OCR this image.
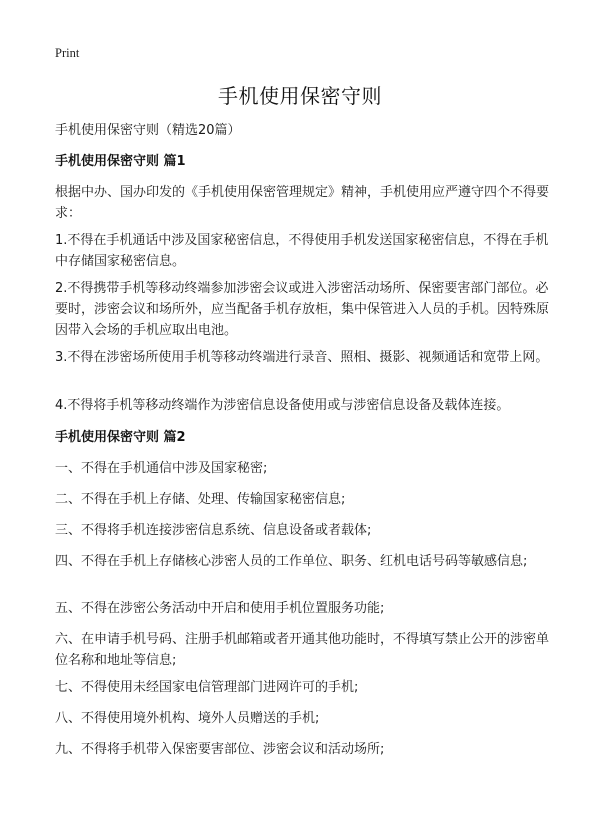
Print
手机使用保密守则

手机使用保密守则（精选20篇）

手机使用保密守则 篇1

根据中办、国办印发的《手机使用保密管理规定》精神，手机使用应严遵守四个不得要求：

1.不得在手机通话中涉及国家秘密信息，不得使用手机发送国家秘密信息，不得在手机中存储国家秘密信息。

2.不得携带手机等移动终端参加涉密会议或进入涉密活动场所、保密要害部门部位。必要时，涉密会议和场所外，应当配备手机存放柜，集中保管进入人员的手机。因特殊原因带入会场的手机应取出电池。

3.不得在涉密场所使用手机等移动终端进行录音、照相、摄影、视频通话和宽带上网。

4.不得将手机等移动终端作为涉密信息设备使用或与涉密信息设备及载体连接。

手机使用保密守则 篇2

一、不得在手机通信中涉及国家秘密;

二、不得在手机上存储、处理、传输国家秘密信息;

三、不得将手机连接涉密信息系统、信息设备或者载体;

四、不得在手机上存储核心涉密人员的工作单位、职务、红机电话号码等敏感信息;

五、不得在涉密公务活动中开启和使用手机位置服务功能;

六、在申请手机号码、注册手机邮箱或者开通其他功能时，不得填写禁止公开的涉密单位名称和地址等信息;

七、不得使用未经国家电信管理部门进网许可的手机;

八、不得使用境外机构、境外人员赠送的手机;

九、不得将手机带入保密要害部位、涉密会议和活动场所;
